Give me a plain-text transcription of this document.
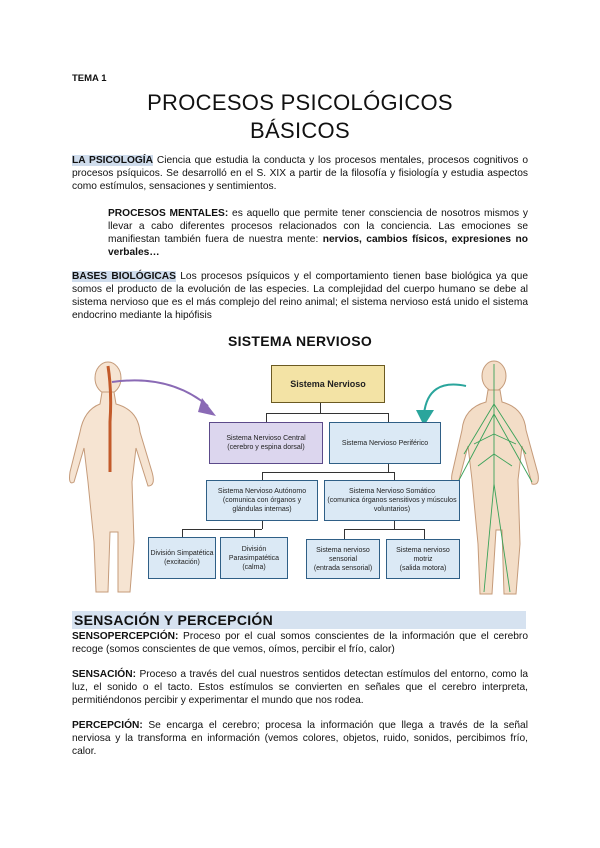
TEMA 1
PROCESOS PSICOLÓGICOS
BÁSICOS
LA PSICOLOGÍA Ciencia que estudia la conducta y los procesos mentales, procesos cognitivos o procesos psíquicos. Se desarrolló en el S. XIX a partir de la filosofía y fisiología y estudia aspectos como estímulos, sensaciones y sentimientos.
PROCESOS MENTALES: es aquello que permite tener consciencia de nosotros mismos y llevar a cabo diferentes procesos relacionados con la conciencia. Las emociones se manifiestan también fuera de nuestra mente: nervios, cambios físicos, expresiones no verbales…
BASES BIOLÓGICAS Los procesos psíquicos y el comportamiento tienen base biológica ya que somos el producto de la evolución de las especies. La complejidad del cuerpo humano se debe al sistema nervioso que es el más complejo del reino animal; el sistema nervioso está unido el sistema endocrino mediante la hipófisis
SISTEMA NERVIOSO
Sistema Nervioso
Sistema Nervioso Central
(cerebro y espina dorsal)
Sistema Nervioso Periférico
Sistema Nervioso Autónomo
(comunica con órganos y glándulas internas)
Sistema Nervioso Somático
(comunica órganos sensitivos y músculos voluntarios)
División Simpatética
(excitación)
División Parasimpatética
(calma)
Sistema nervioso sensorial
(entrada sensorial)
Sistema nervioso motriz
(salida motora)
SENSACIÓN Y PERCEPCIÓN
SENSOPERCEPCIÓN: Proceso por el cual somos conscientes de la información que el cerebro recoge (somos conscientes de que vemos, oímos, percibir el frío, calor)
SENSACIÓN: Proceso a través del cual nuestros sentidos detectan estímulos del entorno, como la luz, el sonido o el tacto. Estos estímulos se convierten en señales que el cerebro interpreta, permitiéndonos percibir y experimentar el mundo que nos rodea.
PERCEPCIÓN: Se encarga el cerebro; procesa la información que llega a través de la señal nerviosa y la transforma en información (vemos colores, objetos, ruido, sonidos, percibimos frío, calor.
